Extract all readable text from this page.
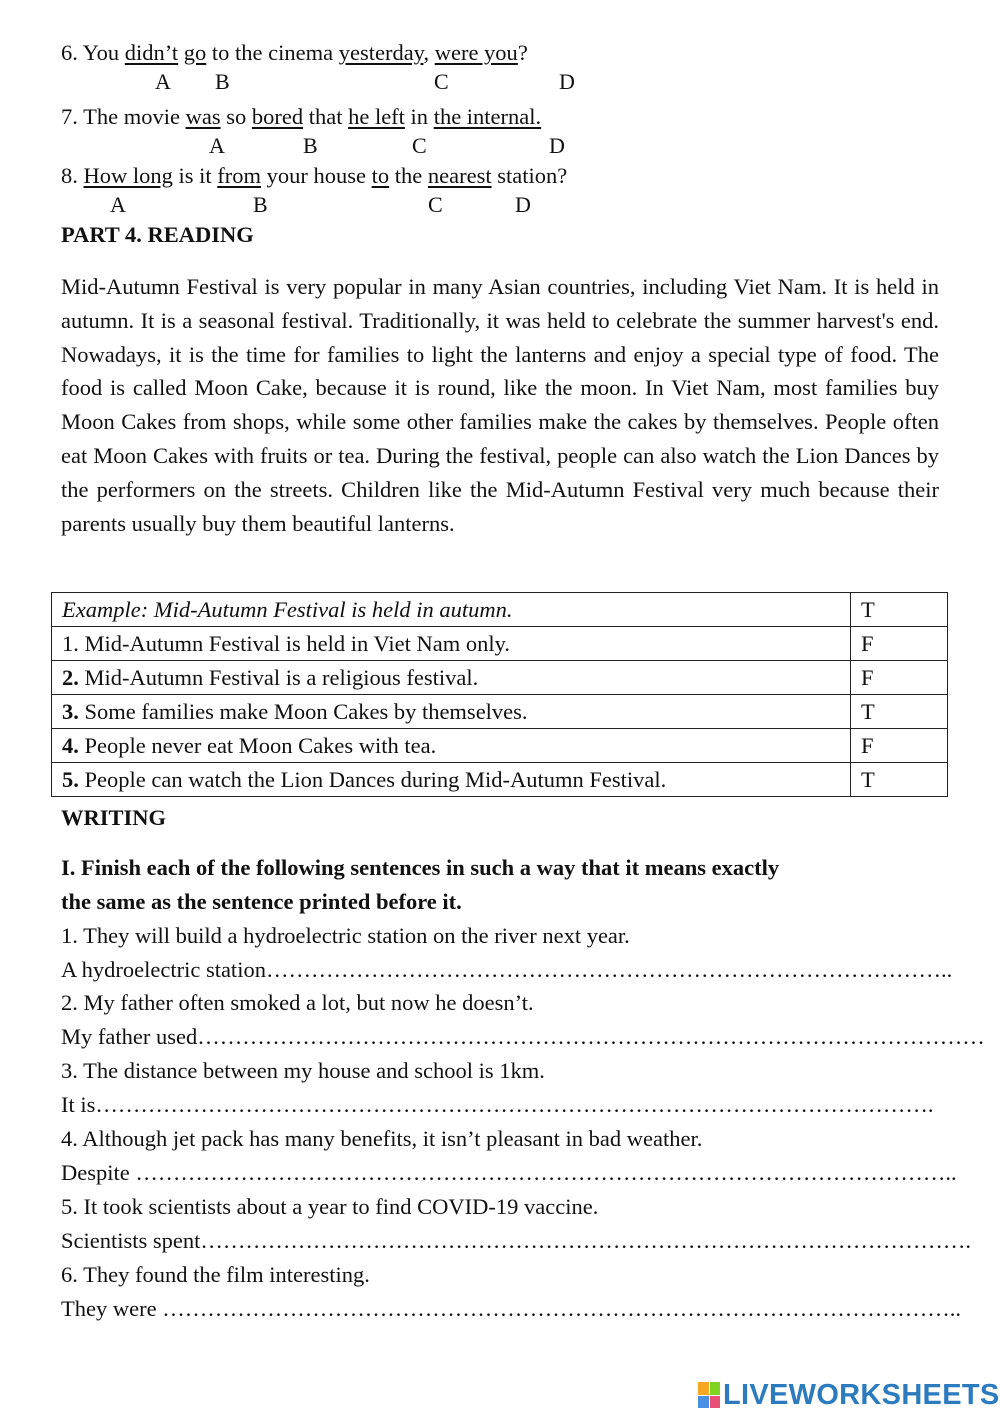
6. You didn’t go to the cinema yesterday, were you?
A B	C	D
7. The movie was so bored that he left in the internal.
A	B	C	D
8. How long is it from your house to the nearest station?
A	B	C	D
PART 4. READING
Mid-Autumn Festival is very popular in many Asian countries, including Viet Nam. It is held in autumn. It is a seasonal festival. Traditionally, it was held to celebrate the summer harvest's end. Nowadays, it is the time for families to light the lanterns and enjoy a special type of food. The food is called Moon Cake, because it is round, like the moon. In Viet Nam, most families buy Moon Cakes from shops, while some other families make the cakes by themselves. People often eat Moon Cakes with fruits or tea. During the festival, people can also watch the Lion Dances by the performers on the streets. Children like the Mid-Autumn Festival very much because their parents usually buy them beautiful lanterns.
Example: Mid-Autumn Festival is held in autumn.	T
1. Mid-Autumn Festival is held in Viet Nam only.	F
2. Mid-Autumn Festival is a religious festival.	F
3. Some families make Moon Cakes by themselves.	T
4. People never eat Moon Cakes with tea.	F
5. People can watch the Lion Dances during Mid-Autumn Festival.	T
WRITING
I. Finish each of the following sentences in such a way that it means exactly
the same as the sentence printed before it.
1. They will build a hydroelectric station on the river next year.
A hydroelectric station………………………………………………………………………………..
2. My father often smoked a lot, but now he doesn’t.
My father used……………………………………………………………………………………………
3. The distance between my house and school is 1km.
It is………………………………………………………………………………………………….
4. Although jet pack has many benefits, it isn’t pleasant in bad weather.
Despite ………………………………………………………………………………………………..
5. It took scientists about a year to find COVID-19 vaccine.
Scientists spent………………………………………………………………………………………….
6. They found the film interesting.
They were ……………………………………………………………………………………………..
LIVEWORKSHEETS
